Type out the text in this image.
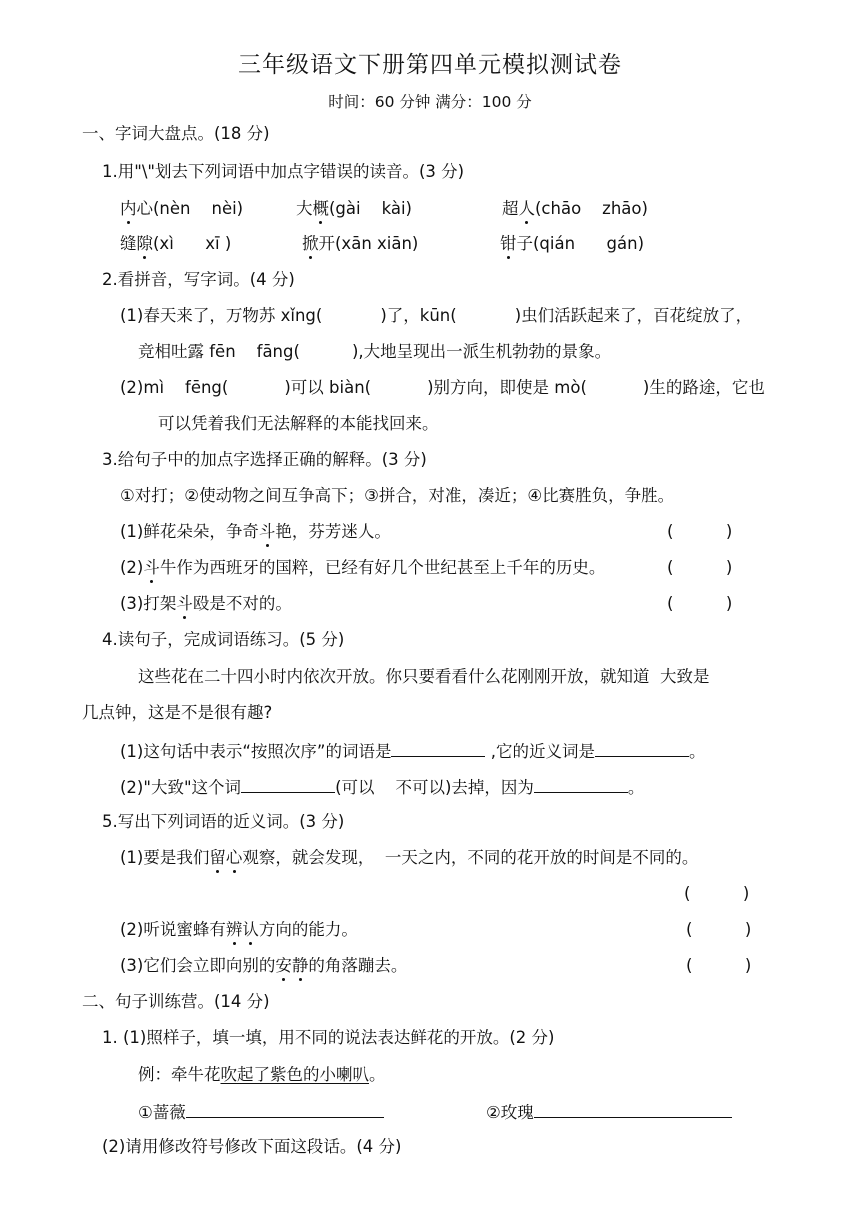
三年级语文下册第四单元模拟测试卷
时间：60 分钟 满分：100 分
一、字词大盘点。(18 分)
1.用"\"划去下列词语中加点字错误的读音。(3 分)
内心(nèn    nèi)	大概(gài    kài)	超人(chāo    zhāo)
缝隙(xì      xī )	掀开(xān xiān)	钳子(qián      gán)
2.看拼音，写字词。(4 分)
(1)春天来了，万物苏 xǐng(	)了，kūn(	)虫们活跃起来了，百花绽放了，
竞相吐露 fēn    fāng(	),大地呈现出一派生机勃勃的景象。
(2)mì    fēng(	)可以 biàn(	)别方向，即使是 mò(	)生的路途，它也
可以凭着我们无法解释的本能找回来。
3.给句子中的加点字选择正确的解释。(3 分)
①对打；②使动物之间互争高下；③拼合，对准，凑近；④比赛胜负，争胜。
(1)鲜花朵朵，争奇斗艳，芬芳迷人。	(          )
(2)斗牛作为西班牙的国粹，已经有好几个世纪甚至上千年的历史。	(          )
(3)打架斗殴是不对的。	(          )
4.读句子，完成词语练习。(5 分)
这些花在二十四小时内依次开放。你只要看看什么花刚刚开放，就知道  大致是
几点钟，这是不是很有趣?
(1)这句话中表示“按照次序”的词语是	,它的近义词是	。
(2)"大致"这个词	(可以    不可以)去掉，因为	。
5.写出下列词语的近义词。(3 分)
(1)要是我们留心观察，就会发现，  一天之内，不同的花开放的时间是不同的。
(          )
(2)听说蜜蜂有辨认方向的能力。	(          )
(3)它们会立即向别的安静的角落蹦去。	(          )
二、句子训练营。(14 分)
1. (1)照样子，填一填，用不同的说法表达鲜花的开放。(2 分)
例：牵牛花吹起了紫色的小喇叭。
①蔷薇	②玫瑰
(2)请用修改符号修改下面这段话。(4 分)
